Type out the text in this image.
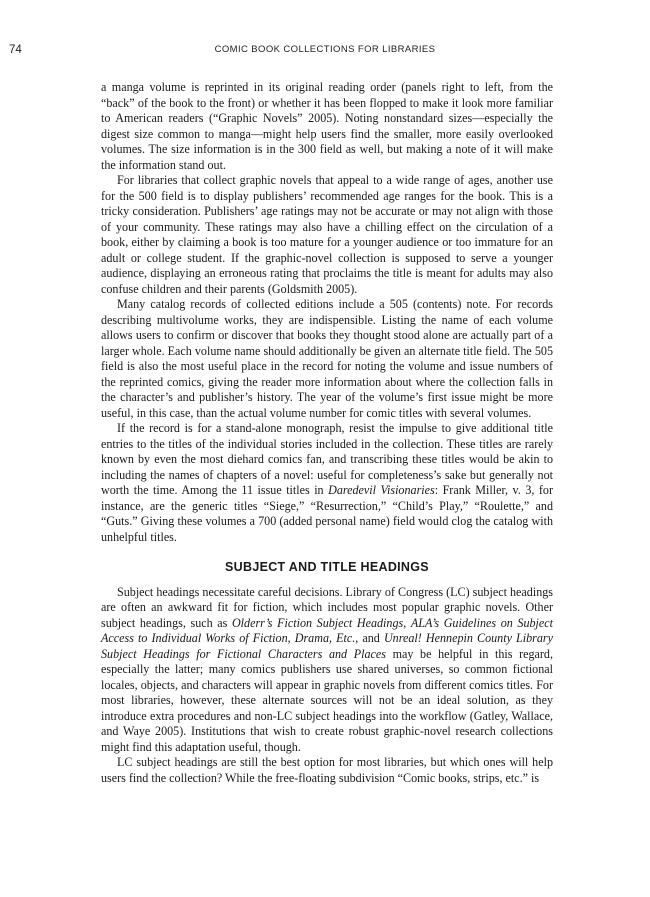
74	COMIC BOOK COLLECTIONS FOR LIBRARIES

a manga volume is reprinted in its original reading order (panels right to left, from the “back” of the book to the front) or whether it has been flopped to make it look more familiar to American readers (“Graphic Novels” 2005). Noting nonstandard sizes—especially the digest size common to manga—might help users find the smaller, more easily overlooked volumes. The size information is in the 300 field as well, but making a note of it will make the information stand out.

For libraries that collect graphic novels that appeal to a wide range of ages, another use for the 500 field is to display publishers’ recommended age ranges for the book. This is a tricky consideration. Publishers’ age ratings may not be accurate or may not align with those of your community. These ratings may also have a chilling effect on the circulation of a book, either by claiming a book is too mature for a younger audience or too immature for an adult or college student. If the graphic-novel collection is supposed to serve a younger audience, displaying an erroneous rating that proclaims the title is meant for adults may also confuse children and their parents (Goldsmith 2005).

Many catalog records of collected editions include a 505 (contents) note. For records describing multivolume works, they are indispensible. Listing the name of each volume allows users to confirm or discover that books they thought stood alone are actually part of a larger whole. Each volume name should additionally be given an alternate title field. The 505 field is also the most useful place in the record for noting the volume and issue numbers of the reprinted comics, giving the reader more information about where the collection falls in the character’s and publisher’s history. The year of the volume’s first issue might be more useful, in this case, than the actual volume number for comic titles with several volumes.

If the record is for a stand-alone monograph, resist the impulse to give additional title entries to the titles of the individual stories included in the collection. These titles are rarely known by even the most diehard comics fan, and transcribing these titles would be akin to including the names of chapters of a novel: useful for completeness’s sake but generally not worth the time. Among the 11 issue titles in Daredevil Visionaries: Frank Miller, v. 3, for instance, are the generic titles “Siege,” “Resurrection,” “Child’s Play,” “Roulette,” and “Guts.” Giving these volumes a 700 (added personal name) field would clog the catalog with unhelpful titles.

SUBJECT AND TITLE HEADINGS

Subject headings necessitate careful decisions. Library of Congress (LC) subject headings are often an awkward fit for fiction, which includes most popular graphic novels. Other subject headings, such as Olderr’s Fiction Subject Headings, ALA’s Guidelines on Subject Access to Individual Works of Fiction, Drama, Etc., and Unreal! Hennepin County Library Subject Headings for Fictional Characters and Places may be helpful in this regard, especially the latter; many comics publishers use shared universes, so common fictional locales, objects, and characters will appear in graphic novels from different comics titles. For most libraries, however, these alternate sources will not be an ideal solution, as they introduce extra procedures and non-LC subject headings into the workflow (Gatley, Wallace, and Waye 2005). Institutions that wish to create robust graphic-novel research collections might find this adaptation useful, though.

LC subject headings are still the best option for most libraries, but which ones will help users find the collection? While the free-floating subdivision “Comic books, strips, etc.” is
